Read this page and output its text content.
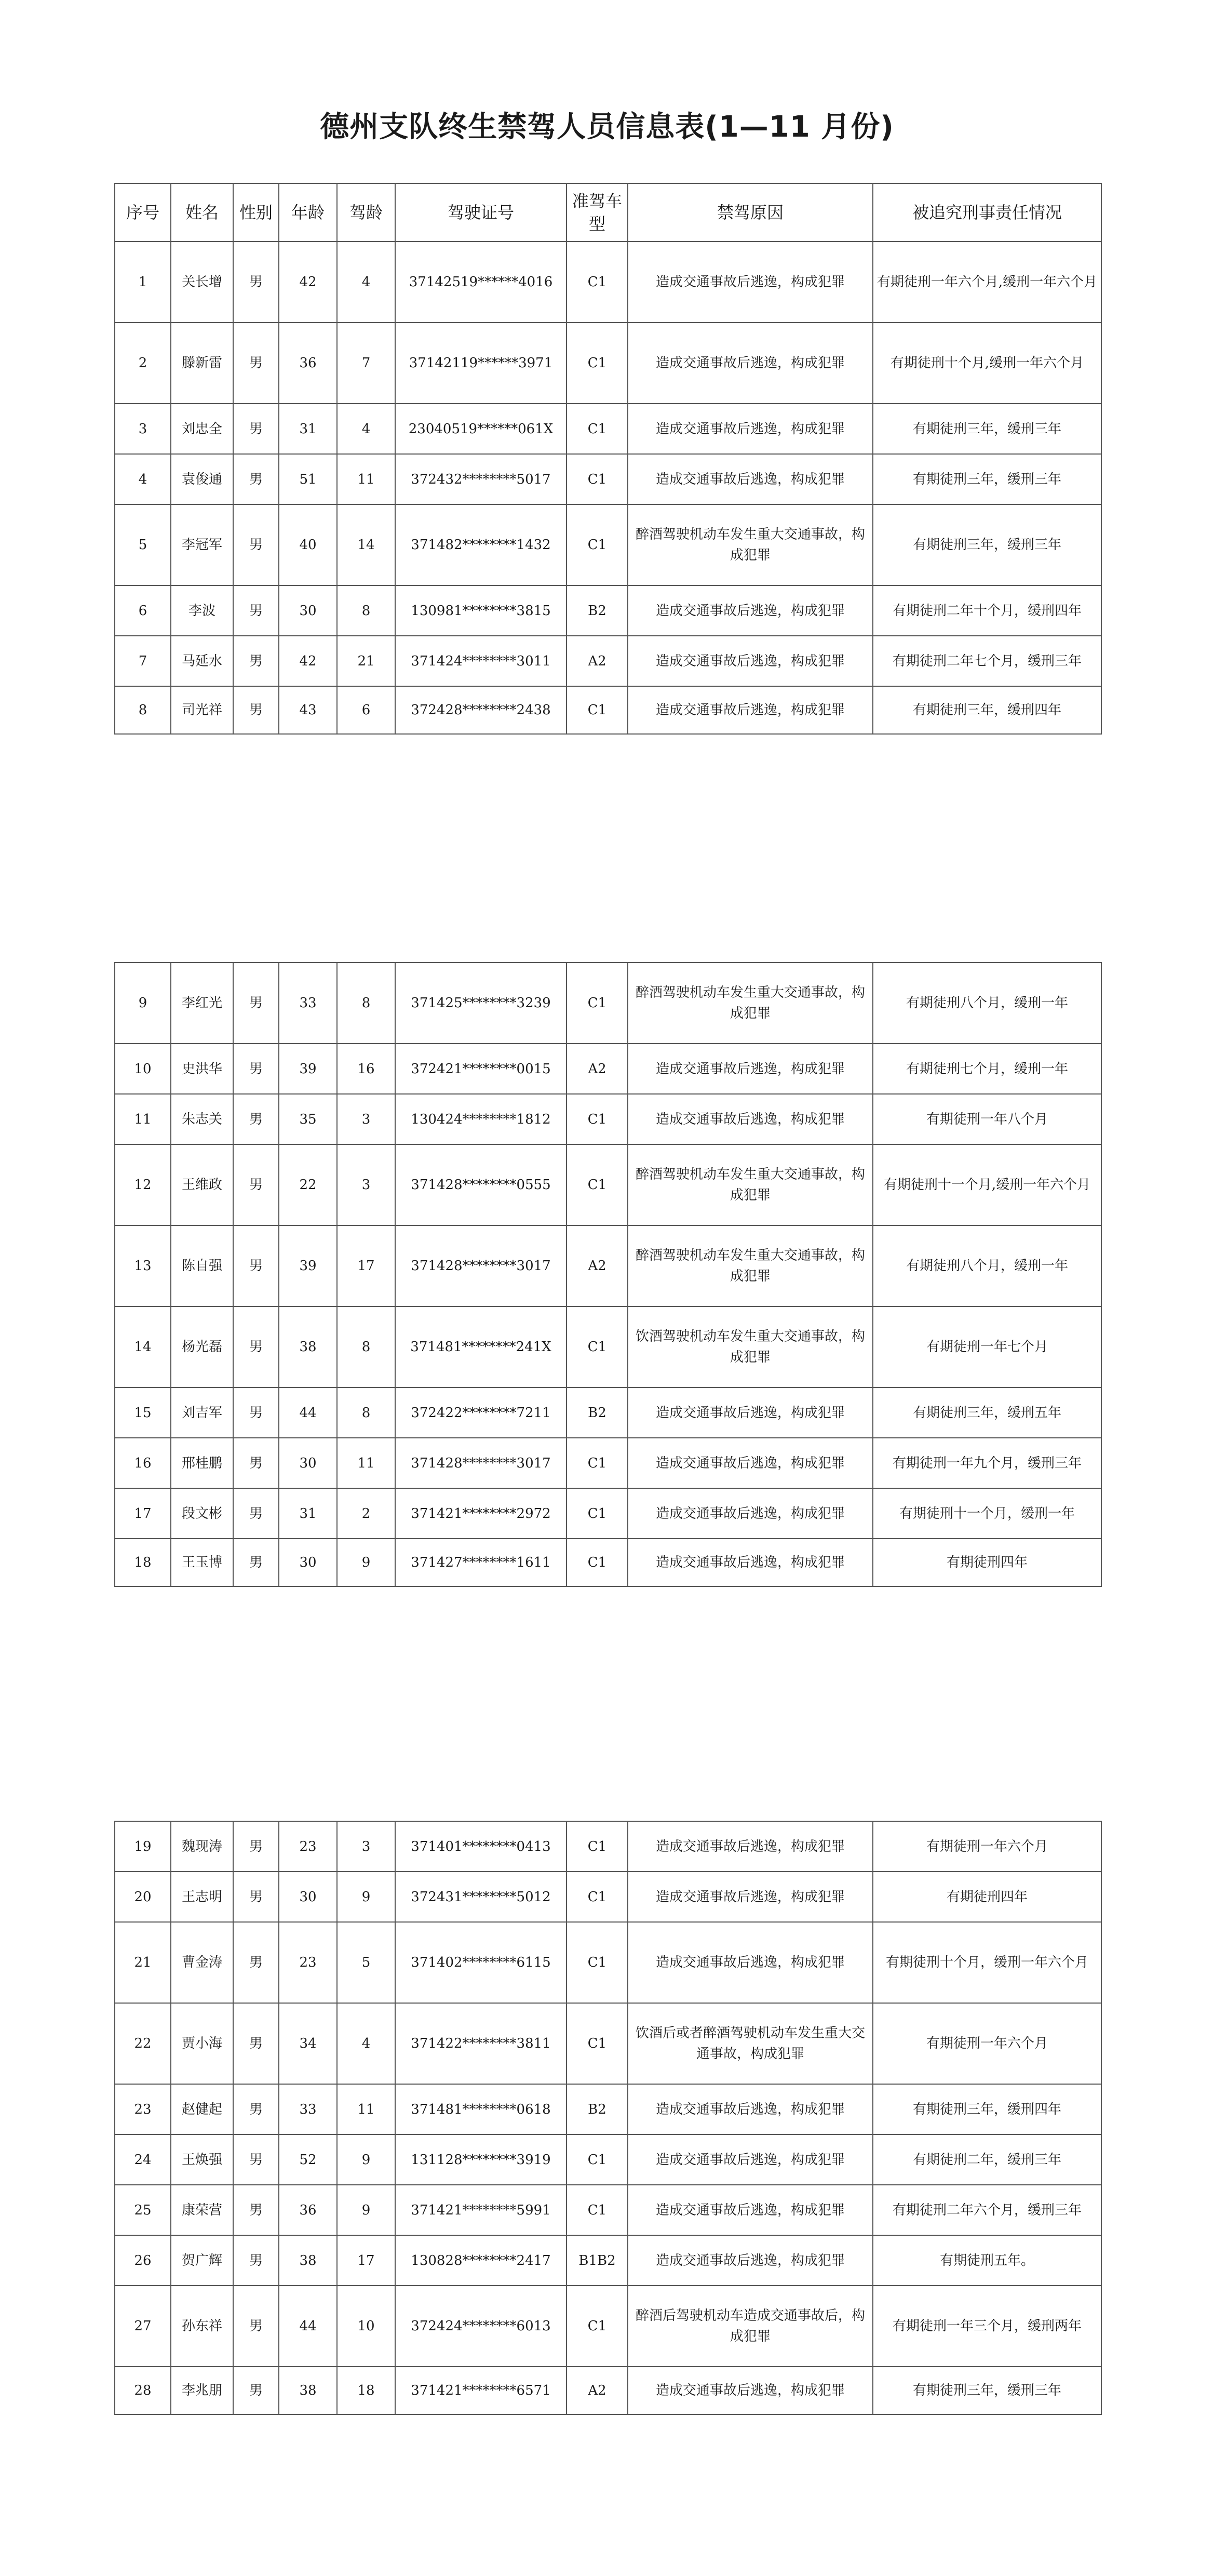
德州支队终生禁驾人员信息表(1—11 月份)
序号	姓名	性别	年龄	驾龄	驾驶证号	准驾车型	禁驾原因	被追究刑事责任情况
1	关长增	男	42	4	37142519******4016	C1	造成交通事故后逃逸，构成犯罪	有期徒刑一年六个月,缓刑一年六个月
2	滕新雷	男	36	7	37142119******3971	C1	造成交通事故后逃逸，构成犯罪	有期徒刑十个月,缓刑一年六个月
3	刘忠全	男	31	4	23040519******061X	C1	造成交通事故后逃逸，构成犯罪	有期徒刑三年，缓刑三年
4	袁俊通	男	51	11	372432********5017	C1	造成交通事故后逃逸，构成犯罪	有期徒刑三年，缓刑三年
5	李冠军	男	40	14	371482********1432	C1	醉酒驾驶机动车发生重大交通事故，构成犯罪	有期徒刑三年，缓刑三年
6	李波	男	30	8	130981********3815	B2	造成交通事故后逃逸，构成犯罪	有期徒刑二年十个月，缓刑四年
7	马延水	男	42	21	371424********3011	A2	造成交通事故后逃逸，构成犯罪	有期徒刑二年七个月，缓刑三年
8	司光祥	男	43	6	372428********2438	C1	造成交通事故后逃逸，构成犯罪	有期徒刑三年，缓刑四年
9	李红光	男	33	8	371425********3239	C1	醉酒驾驶机动车发生重大交通事故，构成犯罪	有期徒刑八个月，缓刑一年
10	史洪华	男	39	16	372421********0015	A2	造成交通事故后逃逸，构成犯罪	有期徒刑七个月，缓刑一年
11	朱志关	男	35	3	130424********1812	C1	造成交通事故后逃逸，构成犯罪	有期徒刑一年八个月
12	王维政	男	22	3	371428********0555	C1	醉酒驾驶机动车发生重大交通事故，构成犯罪	有期徒刑十一个月,缓刑一年六个月
13	陈自强	男	39	17	371428********3017	A2	醉酒驾驶机动车发生重大交通事故，构成犯罪	有期徒刑八个月，缓刑一年
14	杨光磊	男	38	8	371481********241X	C1	饮酒驾驶机动车发生重大交通事故，构成犯罪	有期徒刑一年七个月
15	刘吉军	男	44	8	372422********7211	B2	造成交通事故后逃逸，构成犯罪	有期徒刑三年，缓刑五年
16	邢桂鹏	男	30	11	371428********3017	C1	造成交通事故后逃逸，构成犯罪	有期徒刑一年九个月，缓刑三年
17	段文彬	男	31	2	371421********2972	C1	造成交通事故后逃逸，构成犯罪	有期徒刑十一个月，缓刑一年
18	王玉博	男	30	9	371427********1611	C1	造成交通事故后逃逸，构成犯罪	有期徒刑四年
19	魏现涛	男	23	3	371401********0413	C1	造成交通事故后逃逸，构成犯罪	有期徒刑一年六个月
20	王志明	男	30	9	372431********5012	C1	造成交通事故后逃逸，构成犯罪	有期徒刑四年
21	曹金涛	男	23	5	371402********6115	C1	造成交通事故后逃逸，构成犯罪	有期徒刑十个月，缓刑一年六个月
22	贾小海	男	34	4	371422********3811	C1	饮酒后或者醉酒驾驶机动车发生重大交通事故，构成犯罪	有期徒刑一年六个月
23	赵健起	男	33	11	371481********0618	B2	造成交通事故后逃逸，构成犯罪	有期徒刑三年，缓刑四年
24	王焕强	男	52	9	131128********3919	C1	造成交通事故后逃逸，构成犯罪	有期徒刑二年，缓刑三年
25	康荣营	男	36	9	371421********5991	C1	造成交通事故后逃逸，构成犯罪	有期徒刑二年六个月，缓刑三年
26	贺广辉	男	38	17	130828********2417	B1B2	造成交通事故后逃逸，构成犯罪	有期徒刑五年。
27	孙东祥	男	44	10	372424********6013	C1	醉酒后驾驶机动车造成交通事故后，构成犯罪	有期徒刑一年三个月，缓刑两年
28	李兆朋	男	38	18	371421********6571	A2	造成交通事故后逃逸，构成犯罪	有期徒刑三年，缓刑三年
